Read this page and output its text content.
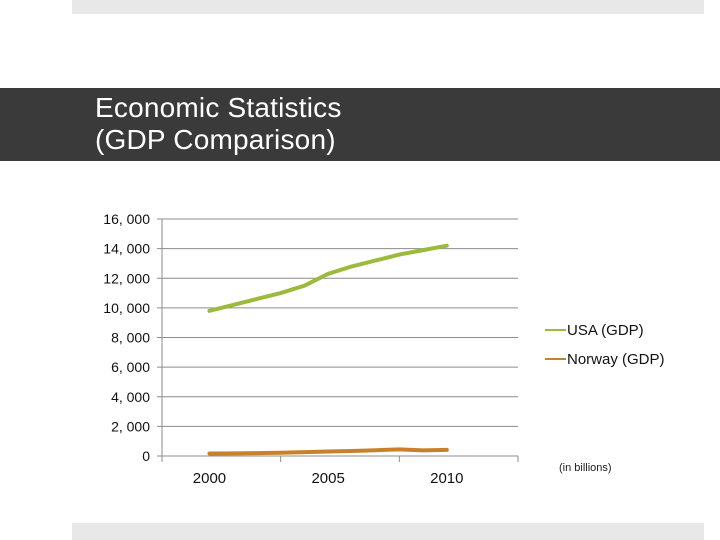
Economic Statistics
(GDP Comparison)
0
2, 000
4, 000
6, 000
8, 000
10, 000
12, 000
14, 000
16, 000
2000	2005	2010
USA (GDP)
Norway (GDP)
(in billions)
